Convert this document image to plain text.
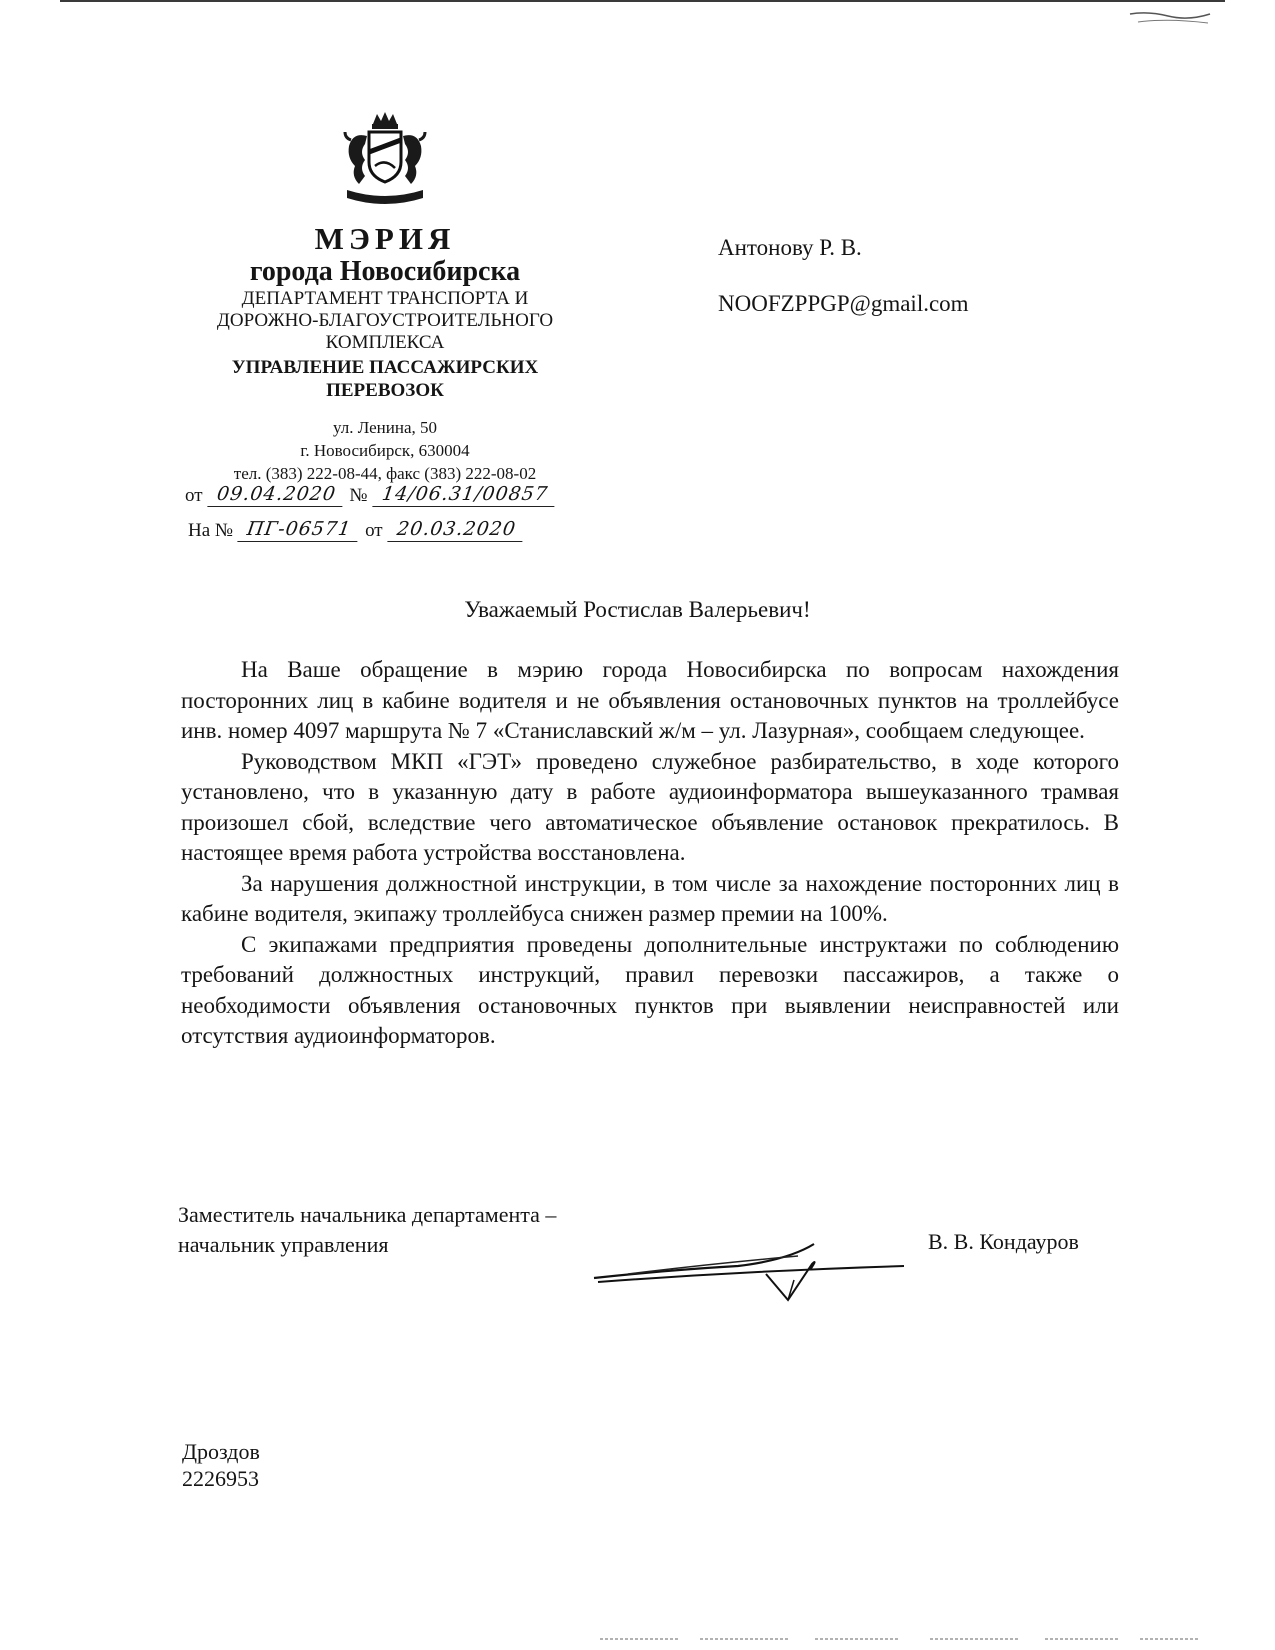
МЭРИЯ
города Новосибирска
ДЕПАРТАМЕНТ ТРАНСПОРТА И
ДОРОЖНО-БЛАГОУСТРОИТЕЛЬНОГО
КОМПЛЕКСА
УПРАВЛЕНИЕ ПАССАЖИРСКИХ
ПЕРЕВОЗОК
ул. Ленина, 50
г. Новосибирск, 630004
тел. (383) 222-08-44, факс (383) 222-08-02
от 09.04.2020 № 14/06.31/00857
На № ПГ-06571 от 20.03.2020
Антонову Р. В.
NOOFZPPGP@gmail.com
Уважаемый Ростислав Валерьевич!

На Ваше обращение в мэрию города Новосибирска по вопросам нахождения посторонних лиц в кабине водителя и не объявления остановочных пунктов на троллейбусе инв. номер 4097 маршрута № 7 «Станиславский ж/м – ул. Лазурная», сообщаем следующее.

Руководством МКП «ГЭТ» проведено служебное разбирательство, в ходе которого установлено, что в указанную дату в работе аудиоинформатора вышеуказанного трамвая произошел сбой, вследствие чего автоматическое объявление остановок прекратилось. В настоящее время работа устройства восстановлена.

За нарушения должностной инструкции, в том числе за нахождение посторонних лиц в кабине водителя, экипажу троллейбуса снижен размер премии на 100%.

С экипажами предприятия проведены дополнительные инструктажи по соблюдению требований должностных инструкций, правил перевозки пассажиров, а также о необходимости объявления остановочных пунктов при выявлении неисправностей или отсутствия аудиоинформаторов.

Заместитель начальника департамента –
начальник управления	В. В. Кондауров
Дроздов
2226953
